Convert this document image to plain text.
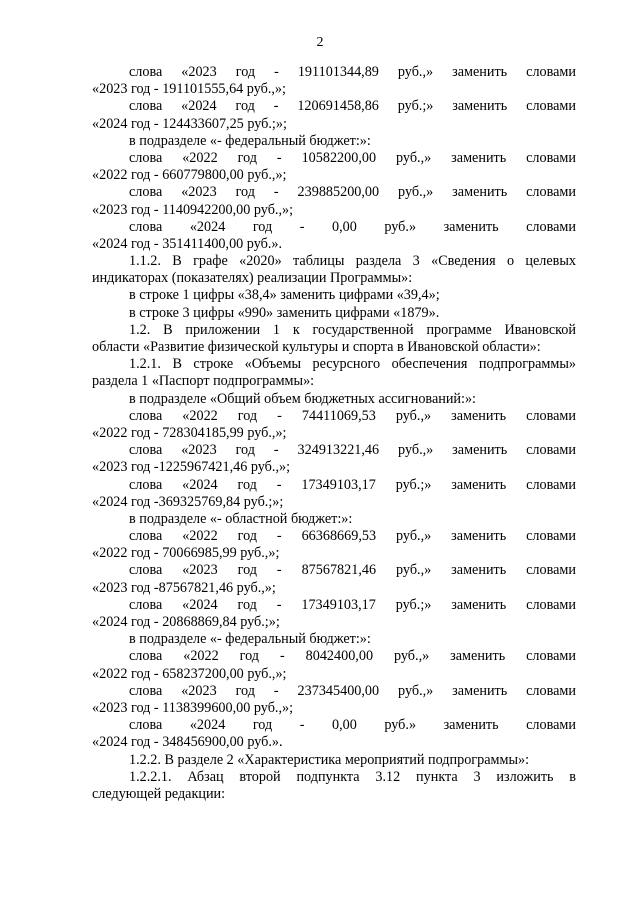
2
слова «2023 год - 191101344,89 руб.,» заменить словами
«2023 год - 191101555,64 руб.,»;
слова «2024 год - 120691458,86 руб.;» заменить словами
«2024 год - 124433607,25 руб.;»;
в подразделе «- федеральный бюджет:»:
слова «2022 год - 10582200,00 руб.,» заменить словами
«2022 год - 660779800,00 руб.,»;
слова «2023 год - 239885200,00 руб.,» заменить словами
«2023 год - 1140942200,00 руб.,»;
слова «2024 год - 0,00 руб.» заменить словами
«2024 год - 351411400,00 руб.».
1.1.2. В графе «2020» таблицы раздела 3 «Сведения о целевых
индикаторах (показателях) реализации Программы»:
в строке 1 цифры «38,4» заменить цифрами «39,4»;
в строке 3 цифры «990» заменить цифрами «1879».
1.2. В приложении 1 к государственной программе Ивановской
области «Развитие физической культуры и спорта в Ивановской области»:
1.2.1. В строке «Объемы ресурсного обеспечения подпрограммы»
раздела 1 «Паспорт подпрограммы»:
в подразделе «Общий объем бюджетных ассигнований:»:
слова «2022 год - 74411069,53 руб.,» заменить словами
«2022 год - 728304185,99 руб.,»;
слова «2023 год - 324913221,46 руб.,» заменить словами
«2023 год -1225967421,46 руб.,»;
слова «2024 год - 17349103,17 руб.;» заменить словами
«2024 год -369325769,84 руб.;»;
в подразделе «- областной бюджет:»:
слова «2022 год - 66368669,53 руб.,» заменить словами
«2022 год - 70066985,99 руб.,»;
слова «2023 год - 87567821,46 руб.,» заменить словами
«2023 год -87567821,46 руб.,»;
слова «2024 год - 17349103,17 руб.;» заменить словами
«2024 год - 20868869,84 руб.;»;
в подразделе «- федеральный бюджет:»:
слова «2022 год - 8042400,00 руб.,» заменить словами
«2022 год - 658237200,00 руб.,»;
слова «2023 год - 237345400,00 руб.,» заменить словами
«2023 год - 1138399600,00 руб.,»;
слова «2024 год - 0,00 руб.» заменить словами
«2024 год - 348456900,00 руб.».
1.2.2. В разделе 2 «Характеристика мероприятий подпрограммы»:
1.2.2.1. Абзац второй подпункта 3.12 пункта 3 изложить в
следующей редакции:
